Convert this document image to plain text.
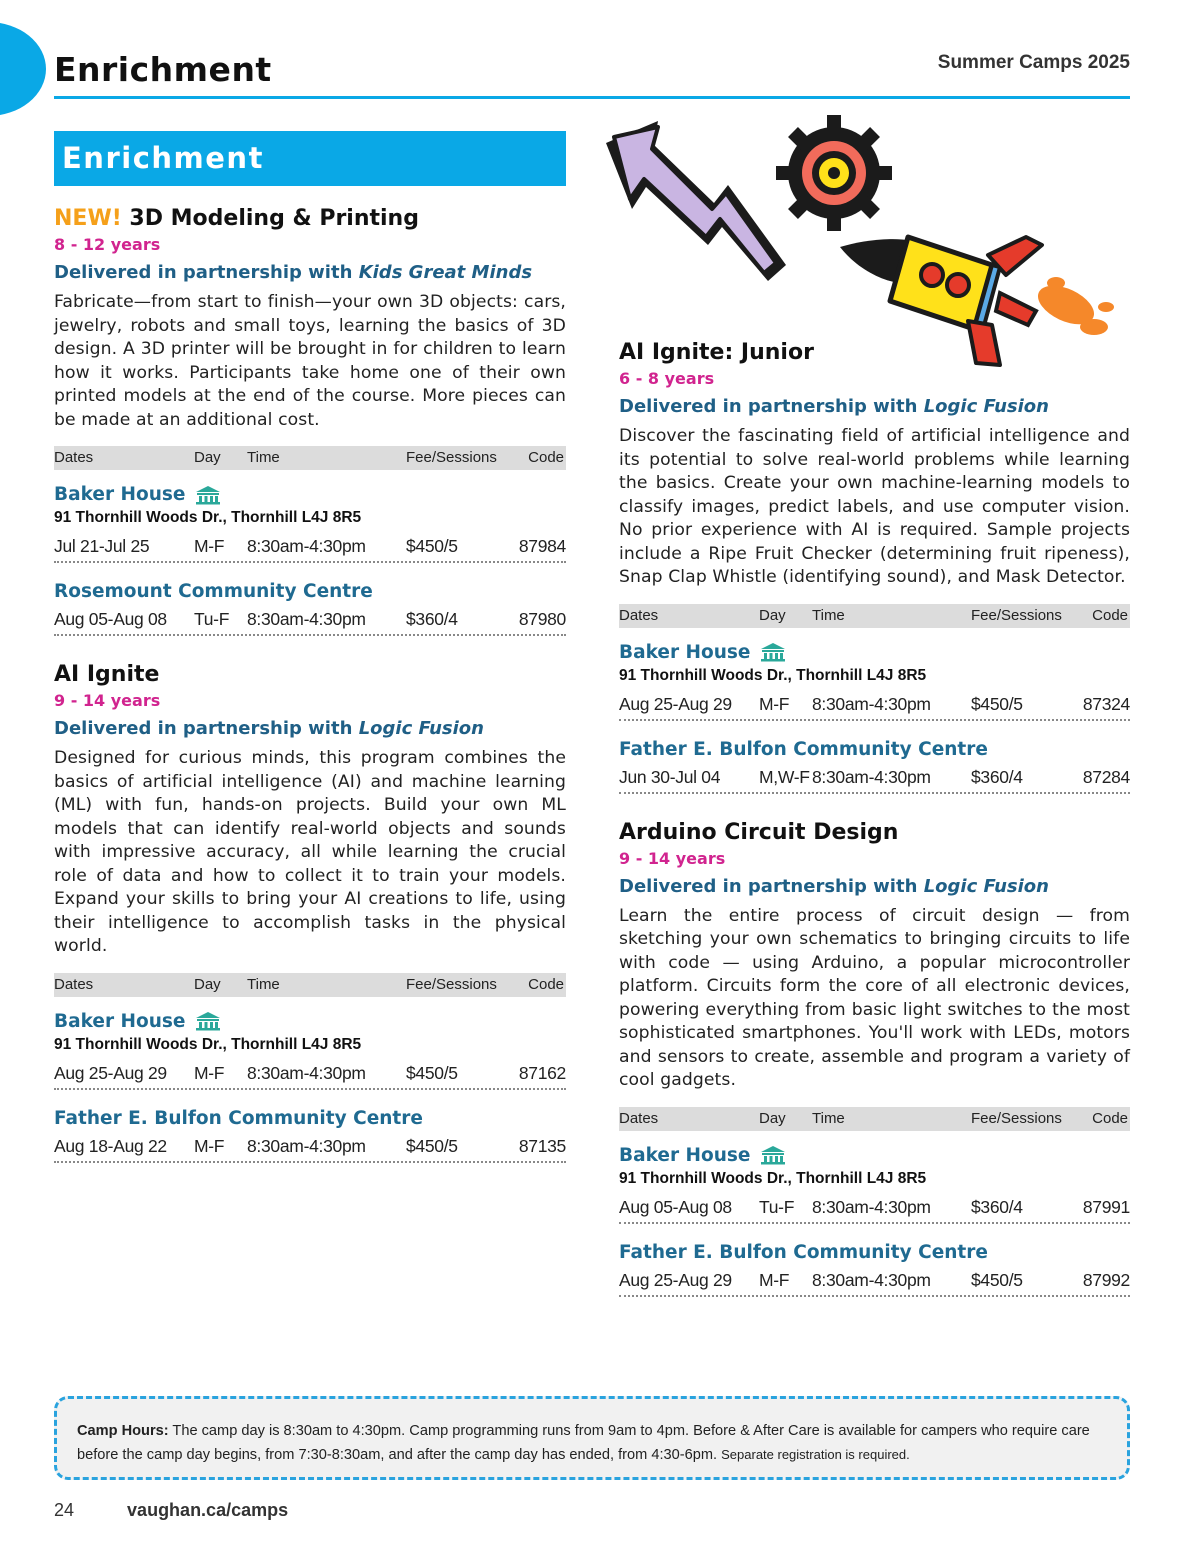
Enrichment	Summer Camps 2025
Enrichment
NEW! 3D Modeling & Printing
8 - 12 years
Delivered in partnership with Kids Great Minds

Fabricate—from start to finish—your own 3D objects: cars, jewelry, robots and small toys, learning the basics of 3D design. A 3D printer will be brought in for children to learn how it works. Participants take home one of their own printed models at the end of the course. More pieces can be made at an additional cost.

Dates	Day	Time	Fee/Sessions	Code
Baker House
91 Thornhill Woods Dr., Thornhill L4J 8R5
Jul 21-Jul 25	M-F	8:30am-4:30pm	$450/5	87984
Rosemount Community Centre
Aug 05-Aug 08	Tu-F	8:30am-4:30pm	$360/4	87980
AI Ignite
9 - 14 years
Delivered in partnership with Logic Fusion

Designed for curious minds, this program combines the basics of artificial intelligence (AI) and machine learning (ML) with fun, hands-on projects. Build your own ML models that can identify real-world objects and sounds with impressive accuracy, all while learning the crucial role of data and how to collect it to train your models. Expand your skills to bring your AI creations to life, using their intelligence to accomplish tasks in the physical world.

Dates	Day	Time	Fee/Sessions	Code
Baker House
91 Thornhill Woods Dr., Thornhill L4J 8R5
Aug 25-Aug 29	M-F	8:30am-4:30pm	$450/5	87162
Father E. Bulfon Community Centre
Aug 18-Aug 22	M-F	8:30am-4:30pm	$450/5	87135
AI Ignite: Junior
6 - 8 years
Delivered in partnership with Logic Fusion

Discover the fascinating field of artificial intelligence and its potential to solve real-world problems while learning the basics. Create your own machine-learning models to classify images, predict labels, and use computer vision. No prior experience with AI is required. Sample projects include a Ripe Fruit Checker (determining fruit ripeness), Snap Clap Whistle (identifying sound), and Mask Detector.

Dates	Day	Time	Fee/Sessions	Code
Baker House
91 Thornhill Woods Dr., Thornhill L4J 8R5
Aug 25-Aug 29	M-F	8:30am-4:30pm	$450/5	87324
Father E. Bulfon Community Centre
Jun 30-Jul 04	M,W-F 8:30am-4:30pm	$360/4	87284
Arduino Circuit Design
9 - 14 years
Delivered in partnership with Logic Fusion

Learn the entire process of circuit design — from sketching your own schematics to bringing circuits to life with code — using Arduino, a popular microcontroller platform. Circuits form the core of all electronic devices, powering everything from basic light switches to the most sophisticated smartphones. You'll work with LEDs, motors and sensors to create, assemble and program a variety of cool gadgets.

Dates	Day	Time	Fee/Sessions	Code
Baker House
91 Thornhill Woods Dr., Thornhill L4J 8R5
Aug 05-Aug 08	Tu-F	8:30am-4:30pm	$360/4	87991
Father E. Bulfon Community Centre
Aug 25-Aug 29	M-F	8:30am-4:30pm	$450/5	87992
Camp Hours: The camp day is 8:30am to 4:30pm. Camp programming runs from 9am to 4pm. Before & After Care is available for campers who require care before the camp day begins, from 7:30-8:30am, and after the camp day has ended, from 4:30-6pm. Separate registration is required.
24	vaughan.ca/camps
